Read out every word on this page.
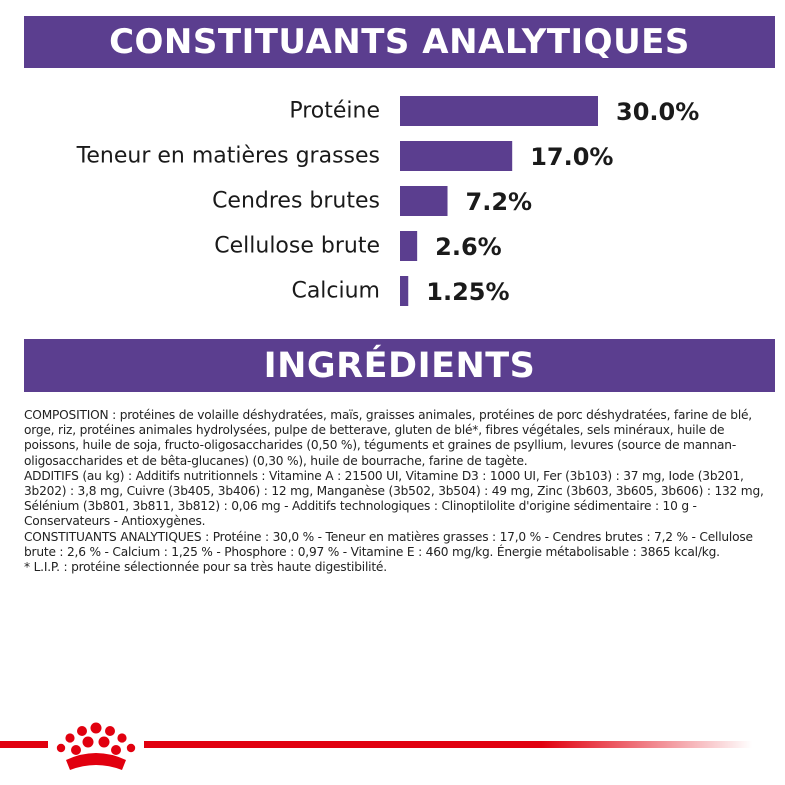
CONSTITUANTS ANALYTIQUES
Protéine	30.0%
Teneur en matières grasses	17.0%
Cendres brutes	7.2%
Cellulose brute 2.6%
Calcium 1.25%
INGRÉDIENTS

COMPOSITION : protéines de volaille déshydratées, maïs, graisses animales, protéines de porc déshydratées, farine de blé, orge, riz, protéines animales hydrolysées, pulpe de betterave, gluten de blé*, fibres végétales, sels minéraux, huile de poissons, huile de soja, fructo-oligosaccharides (0,50 %), téguments et graines de psyllium, levures (source de mannan-oligosaccharides et de bêta-glucanes) (0,30 %), huile de bourrache, farine de tagète.

ADDITIFS (au kg) : Additifs nutritionnels : Vitamine A : 21500 UI, Vitamine D3 : 1000 UI, Fer (3b103) : 37 mg, Iode (3b201, 3b202) : 3,8 mg, Cuivre (3b405, 3b406) : 12 mg, Manganèse (3b502, 3b504) : 49 mg, Zinc (3b603, 3b605, 3b606) : 132 mg, Sélénium (3b801, 3b811, 3b812) : 0,06 mg - Additifs technologiques : Clinoptilolite d'origine sédimentaire : 10 g - Conservateurs - Antioxygènes.

CONSTITUANTS ANALYTIQUES : Protéine : 30,0 % - Teneur en matières grasses : 17,0 % - Cendres brutes : 7,2 % - Cellulose brute : 2,6 % - Calcium : 1,25 % - Phosphore : 0,97 % - Vitamine E : 460 mg/kg. Énergie métabolisable : 3865 kcal/kg.

* L.I.P. : protéine sélectionnée pour sa très haute digestibilité.
